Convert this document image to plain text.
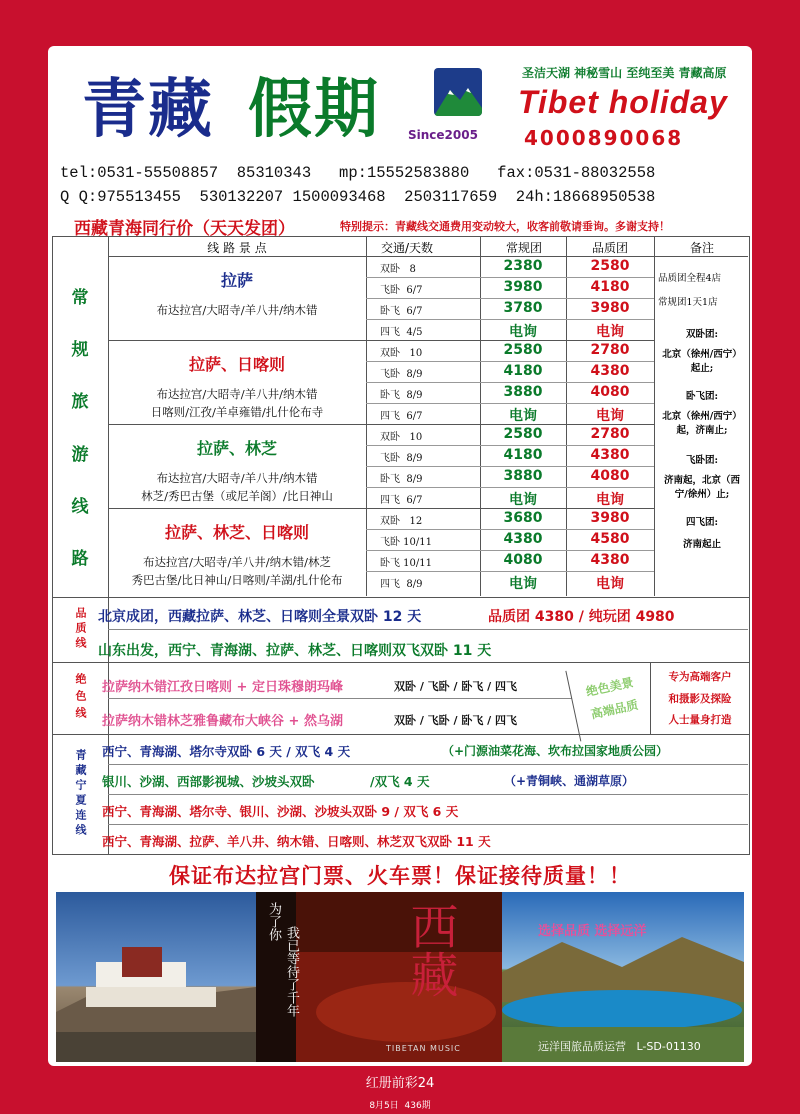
青藏 假期 Since2005
圣洁天湖 神秘雪山 至纯至美 青藏高原
Tibet holiday
4000890068
tel:0531-55508857  85310343   mp:15552583880   fax:0531-88032558
Q Q:975513455  530132207 1500093468  2503117659  24h:18668950538
西藏青海同行价（天天发团）	特别提示：青藏线交通费用变动较大，收客前敬请垂询。多谢支持！
线 路 景 点	交通/天数	常规团	品质团	备注
常
规
旅
游
线
路
品质团全程4店
常规团1天1店
双卧团:
北京（徐州/西宁）起止;
卧飞团:
北京（徐州/西宁）起，济南止;
飞卧团:
济南起，北京（西宁/徐州）止;
四飞团:
济南起止
品质线 北京成团，西藏拉萨、林芝、日喀则全景双卧 12 天	品质团 4380 / 纯玩团 4980
山东出发，西宁、青海湖、拉萨、林芝、日喀则双飞双卧 11 天
绝色线 拉萨纳木错江孜日喀则 + 定日珠穆朗玛峰	双卧 / 飞卧 / 卧飞 / 四飞
拉萨纳木错林芝雅鲁藏布大峡谷 + 然乌湖	双卧 / 飞卧 / 卧飞 / 四飞
绝色美景
高端品质
专为高端客户
和摄影及探险
人士量身打造
青藏宁夏连线 西宁、青海湖、塔尔寺双卧 6 天 / 双飞 4 天	（+门源油菜花海、坎布拉国家地质公园）
银川、沙湖、西部影视城、沙坡头双卧	/双飞 4 天	（+青铜峡、通湖草原）
西宁、青海湖、塔尔寺、银川、沙湖、沙坡头双卧 9 / 双飞 6 天
西宁、青海湖、拉萨、羊八井、纳木错、日喀则、林芝双飞双卧 11 天
保证布达拉宫门票、火车票！保证接待质量！！
为了你
我已等待了千年 西藏
TIBETAN MUSIC
选择品质 选择远洋
远洋国旅品质运营   L-SD-01130
拉萨
布达拉宫/大昭寺/羊八井/纳木错
双卧   8	2380	2580
飞卧  6/7	3980	4180
卧飞  6/7	3780	3980
四飞  4/5	电询	电询
拉萨、日喀则
布达拉宫/大昭寺/羊八井/纳木错
日喀则/江孜/羊卓雍错/扎什伦布寺
双卧   10	2580	2780
飞卧  8/9	4180	4380
卧飞  8/9	3880	4080
四飞  6/7	电询	电询
拉萨、林芝
布达拉宫/大昭寺/羊八井/纳木错
林芝/秀巴古堡（或尼羊阁）/比日神山
双卧   10	2580	2780
飞卧  8/9	4180	4380
卧飞  8/9	3880	4080
四飞  6/7	电询	电询
拉萨、林芝、日喀则
布达拉宫/大昭寺/羊八井/纳木错/林芝
秀巴古堡/比日神山/日喀则/羊湖/扎什伦布
双卧   12	3680	3980
飞卧 10/11	4380	4580
卧飞 10/11	4080	4380
四飞  8/9	电询	电询
红册前彩24
8月5日  436期
